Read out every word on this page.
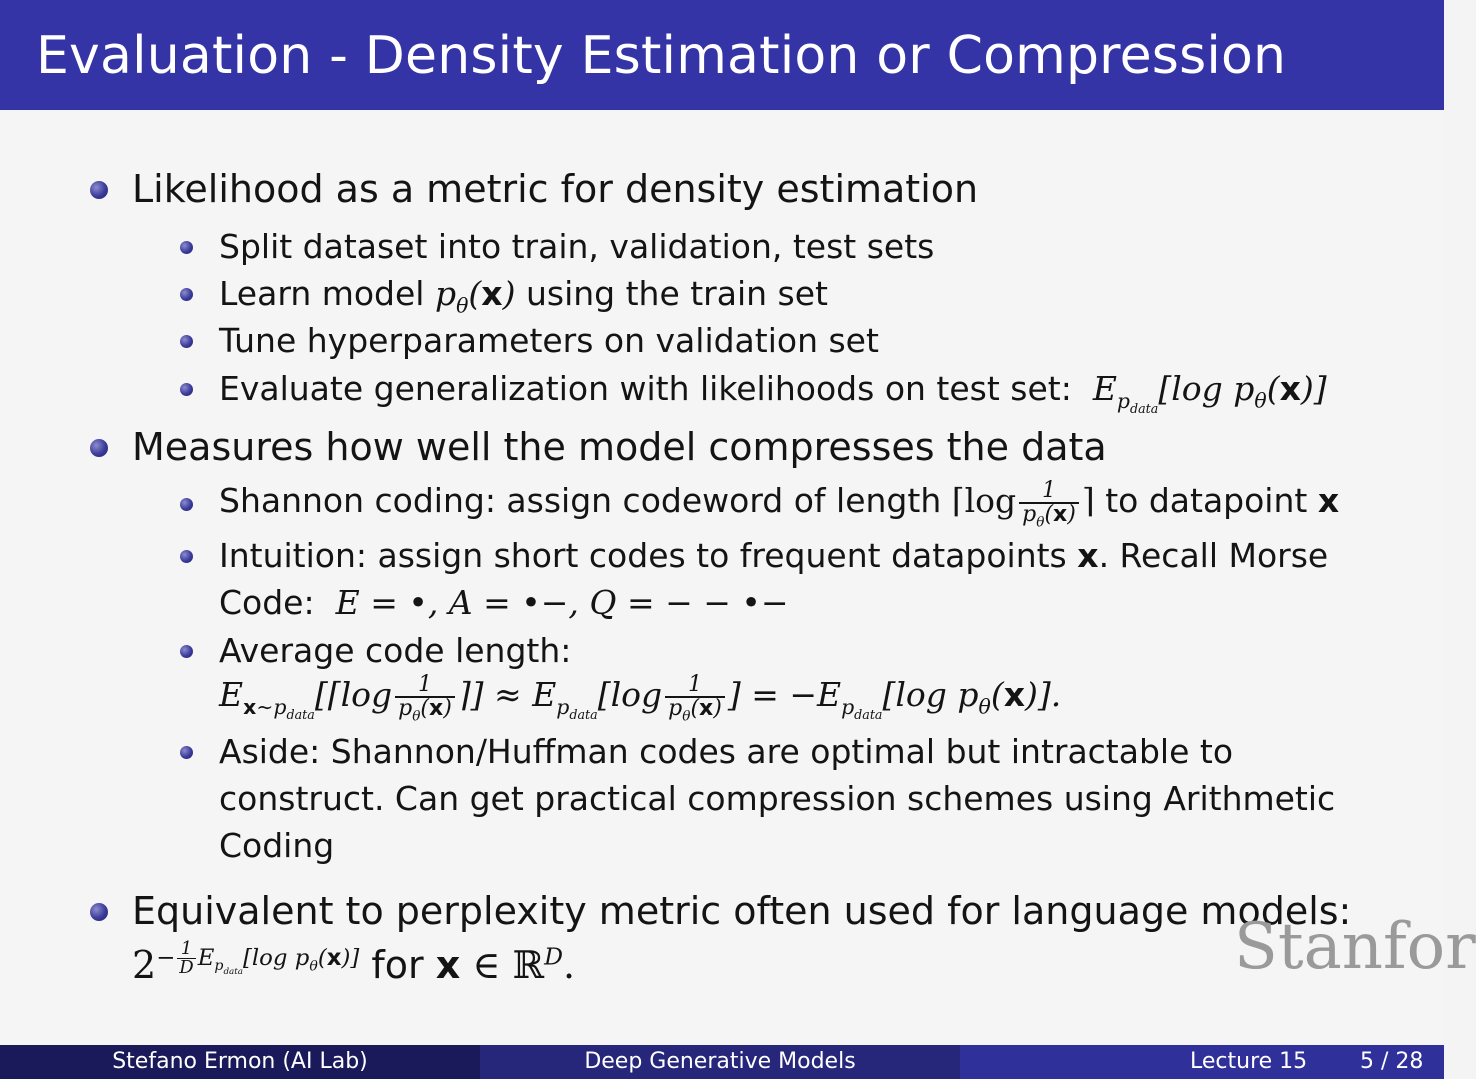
Evaluation - Density Estimation or Compression
Likelihood as a metric for density estimation
Split dataset into train, validation, test sets
Learn model $p_\theta(x)$ using the train set
Tune hyperparameters on validation set
Evaluate generalization with likelihoods on test set:  $E_{p_{data}}[\log$ $p_\theta(x)$]
Measures how well the model compresses the data
Shannon coding: assign codeword of length ⌈log $\frac{1}{p_\theta(x)}$ ⌉ to datapoint x
Intuition: assign short codes to frequent datapoints x. Recall Morse
Code:  E = •, A = •−, Q = − − •−
Average code length:
$E_{x\sim p_{data}}[⌈\log \frac{1}{p_\theta(x)}$ ⌉] ≈ $E_{p_{data}}[\log \frac{1}{p_\theta(x)}$ ] = $-E_{p_{data}}[\log$ $p_\theta(x)$].
Aside: Shannon/Huffman codes are optimal but intractable to
construct. Can get practical compression schemes using Arithmetic
Coding
Equivalent to perplexity metric often used for language models:
$2^{- \frac{1}{D} E_{p_{data}}[log p_\theta(x)]}$ for x ∈ ℝ$^D$.	Stanfor
Stefano Ermon (AI Lab)	Deep Generative Models	Lecture 15 5 / 28
